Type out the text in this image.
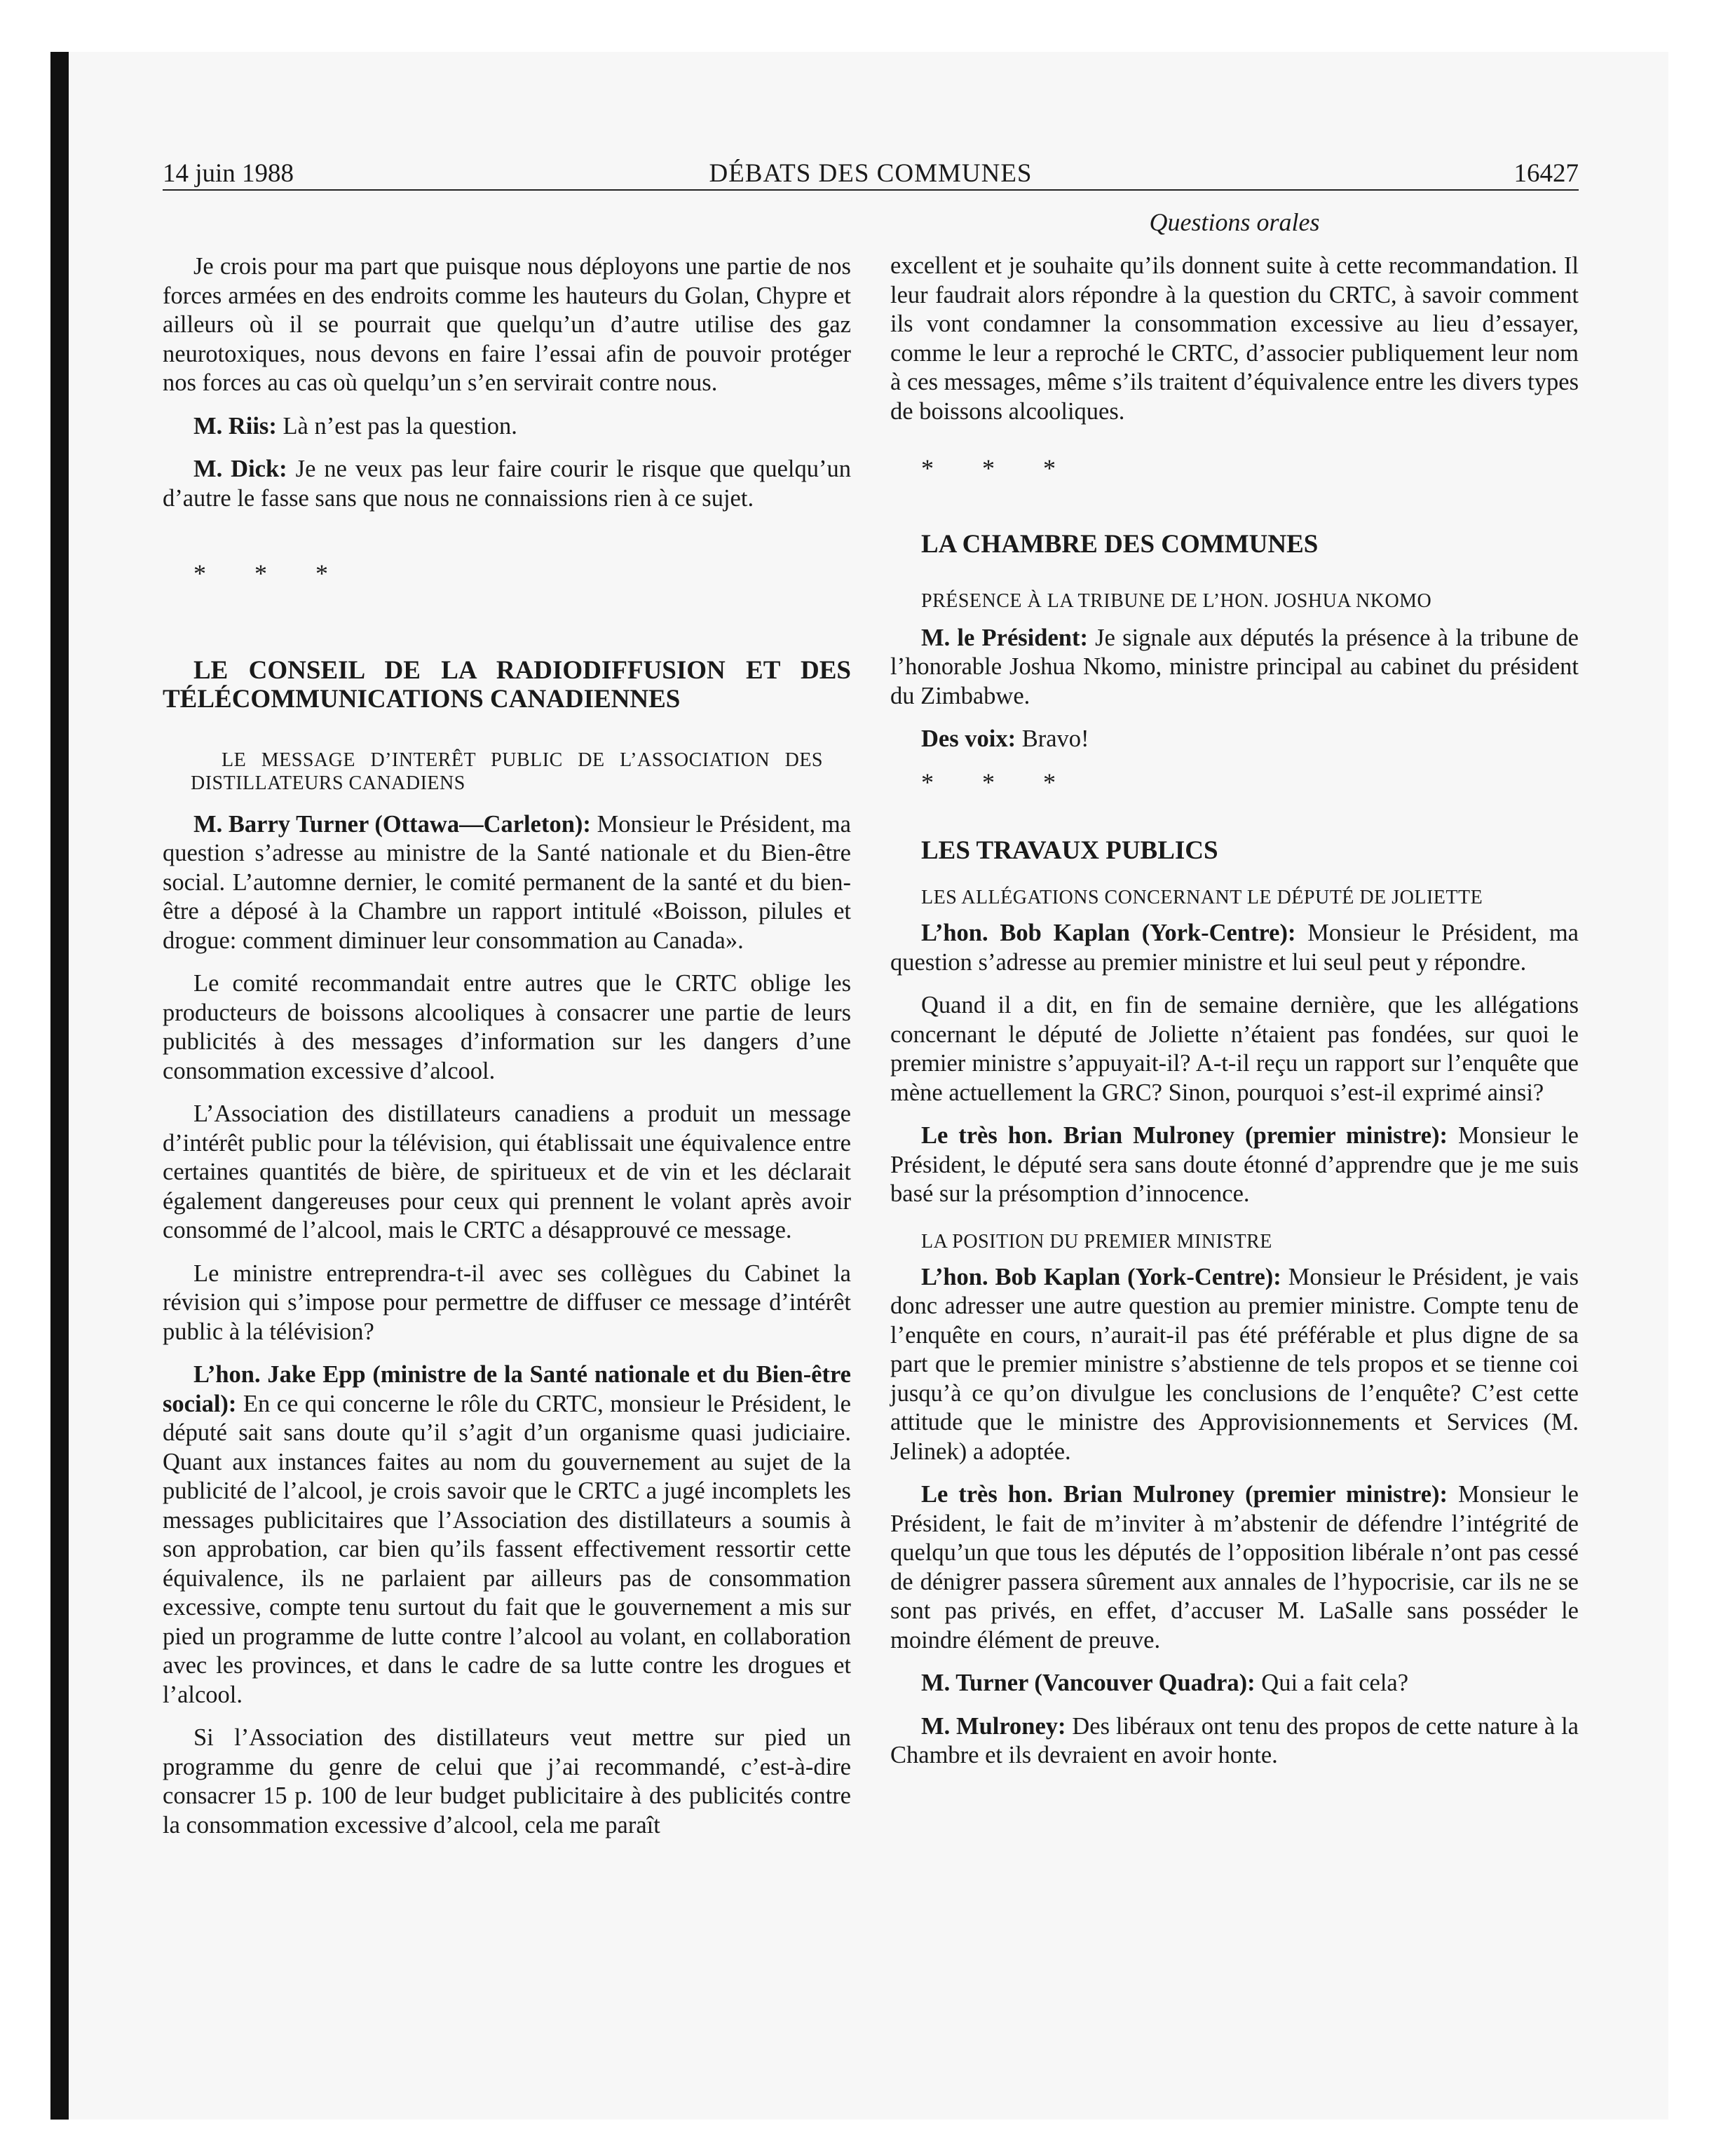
14 juin 1988	DÉBATS DES COMMUNES	16427
Questions orales

Je crois pour ma part que puisque nous déployons une partie de nos forces armées en des endroits comme les hauteurs du Golan, Chypre et ailleurs où il se pourrait que quelqu’un d’autre utilise des gaz neurotoxiques, nous devons en faire l’essai afin de pouvoir protéger nos forces au cas où quelqu’un s’en servirait contre nous.

M. Riis: Là n’est pas la question.

M. Dick: Je ne veux pas leur faire courir le risque que quelqu’un d’autre le fasse sans que nous ne connaissions rien à ce sujet.

* * *

LE CONSEIL DE LA RADIODIFFUSION ET DES TÉLÉCOMMUNICATIONS CANADIENNES

LE MESSAGE D’INTERÊT PUBLIC DE L’ASSOCIATION DES DISTILLATEURS CANADIENS

M. Barry Turner (Ottawa—Carleton): Monsieur le Président, ma question s’adresse au ministre de la Santé nationale et du Bien-être social. L’automne dernier, le comité permanent de la santé et du bien-être a déposé à la Chambre un rapport intitulé «Boisson, pilules et drogue: comment diminuer leur consommation au Canada».

Le comité recommandait entre autres que le CRTC oblige les producteurs de boissons alcooliques à consacrer une partie de leurs publicités à des messages d’information sur les dangers d’une consommation excessive d’alcool.

L’Association des distillateurs canadiens a produit un message d’intérêt public pour la télévision, qui établissait une équivalence entre certaines quantités de bière, de spiritueux et de vin et les déclarait également dangereuses pour ceux qui prennent le volant après avoir consommé de l’alcool, mais le CRTC a désapprouvé ce message.

Le ministre entreprendra-t-il avec ses collègues du Cabinet la révision qui s’impose pour permettre de diffuser ce message d’intérêt public à la télévision?

L’hon. Jake Epp (ministre de la Santé nationale et du Bien-être social): En ce qui concerne le rôle du CRTC, monsieur le Président, le député sait sans doute qu’il s’agit d’un organisme quasi judiciaire. Quant aux instances faites au nom du gouvernement au sujet de la publicité de l’alcool, je crois savoir que le CRTC a jugé incomplets les messages publicitaires que l’Association des distillateurs a soumis à son approbation, car bien qu’ils fassent effectivement ressortir cette équivalence, ils ne parlaient par ailleurs pas de consommation excessive, compte tenu surtout du fait que le gouvernement a mis sur pied un programme de lutte contre l’alcool au volant, en collaboration avec les provinces, et dans le cadre de sa lutte contre les drogues et l’alcool.

Si l’Association des distillateurs veut mettre sur pied un programme du genre de celui que j’ai recommandé, c’est-à-dire consacrer 15 p. 100 de leur budget publicitaire à des publicités contre la consommation excessive d’alcool, cela me paraît

excellent et je souhaite qu’ils donnent suite à cette recommandation. Il leur faudrait alors répondre à la question du CRTC, à savoir comment ils vont condamner la consommation excessive au lieu d’essayer, comme le leur a reproché le CRTC, d’associer publiquement leur nom à ces messages, même s’ils traitent d’équivalence entre les divers types de boissons alcooliques.

* * *

LA CHAMBRE DES COMMUNES

PRÉSENCE À LA TRIBUNE DE L’HON. JOSHUA NKOMO

M. le Président: Je signale aux députés la présence à la tribune de l’honorable Joshua Nkomo, ministre principal au cabinet du président du Zimbabwe.

Des voix: Bravo!

* * *

LES TRAVAUX PUBLICS

LES ALLÉGATIONS CONCERNANT LE DÉPUTÉ DE JOLIETTE

L’hon. Bob Kaplan (York-Centre): Monsieur le Président, ma question s’adresse au premier ministre et lui seul peut y répondre.

Quand il a dit, en fin de semaine dernière, que les allégations concernant le député de Joliette n’étaient pas fondées, sur quoi le premier ministre s’appuyait-il? A-t-il reçu un rapport sur l’enquête que mène actuellement la GRC? Sinon, pourquoi s’est-il exprimé ainsi?

Le très hon. Brian Mulroney (premier ministre): Monsieur le Président, le député sera sans doute étonné d’apprendre que je me suis basé sur la présomption d’innocence.

LA POSITION DU PREMIER MINISTRE

L’hon. Bob Kaplan (York-Centre): Monsieur le Président, je vais donc adresser une autre question au premier ministre. Compte tenu de l’enquête en cours, n’aurait-il pas été préférable et plus digne de sa part que le premier ministre s’abstienne de tels propos et se tienne coi jusqu’à ce qu’on divulgue les conclusions de l’enquête? C’est cette attitude que le ministre des Approvisionnements et Services (M. Jelinek) a adoptée.

Le très hon. Brian Mulroney (premier ministre): Monsieur le Président, le fait de m’inviter à m’abstenir de défendre l’intégrité de quelqu’un que tous les députés de l’opposition libérale n’ont pas cessé de dénigrer passera sûrement aux annales de l’hypocrisie, car ils ne se sont pas privés, en effet, d’accuser M. LaSalle sans posséder le moindre élément de preuve.

M. Turner (Vancouver Quadra): Qui a fait cela?

M. Mulroney: Des libéraux ont tenu des propos de cette nature à la Chambre et ils devraient en avoir honte.
